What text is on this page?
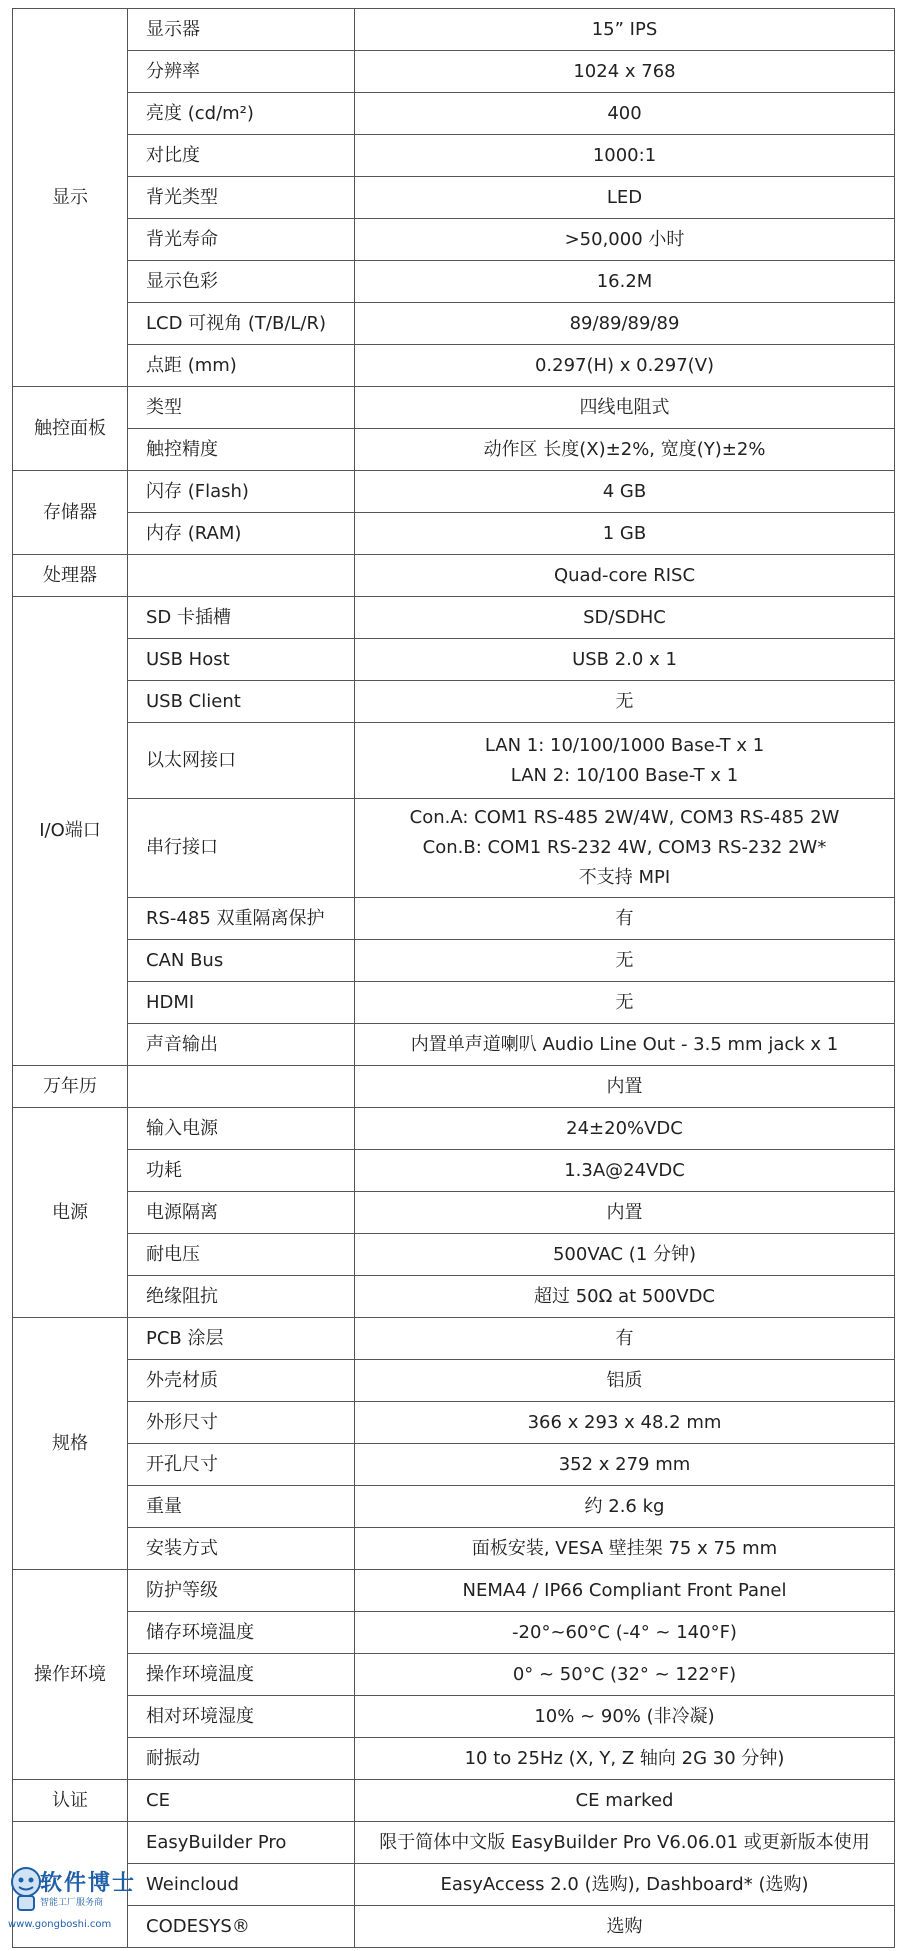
显示	显示器	15” IPS

	分辨率	1024 x 768

	亮度 (cd/m²)	400

	对比度	1000:1

	背光类型	LED

	背光寿命	>50,000 小时

	显示色彩	16.2M

	LCD 可视角 (T/B/L/R)	89/89/89/89

	点距 (mm)	0.297(H) x 0.297(V)

触控面板	类型	四线电阻式

	触控精度	动作区 长度(X)±2%, 宽度(Y)±2%

存储器	闪存 (Flash)	4 GB

	内存 (RAM)	1 GB

处理器		Quad-core RISC

I/O端口	SD 卡插槽	SD/SDHC

	USB Host	USB 2.0 x 1

	USB Client	无

	以太网接口	LAN 1: 10/100/1000 Base-T x 1
LAN 2: 10/100 Base-T x 1

	串行接口	Con.A: COM1 RS-485 2W/4W, COM3 RS-485 2W
Con.B: COM1 RS-232 4W, COM3 RS-232 2W*
不支持 MPI

	RS-485 双重隔离保护	有

	CAN Bus	无

	HDMI	无

	声音输出	内置单声道喇叭 Audio Line Out - 3.5 mm jack x 1

万年历		内置

电源	输入电源	24±20%VDC

	功耗	1.3A@24VDC

	电源隔离	内置

	耐电压	500VAC (1 分钟)

	绝缘阻抗	超过 50Ω at 500VDC

规格	PCB 涂层	有

	外壳材质	铝质

	外形尺寸	366 x 293 x 48.2 mm

	开孔尺寸	352 x 279 mm

	重量	约 2.6 kg

	安装方式	面板安装, VESA 壁挂架 75 x 75 mm

操作环境	防护等级	NEMA4 / IP66 Compliant Front Panel

	储存环境温度	-20°~60°C (-4° ~ 140°F)

	操作环境温度	0° ~ 50°C (32° ~ 122°F)

	相对环境湿度	10% ~ 90% (非冷凝)

	耐振动	10 to 25Hz (X, Y, Z 轴向 2G 30 分钟)

认证	CE	CE marked

	EasyBuilder Pro	限于简体中文版 EasyBuilder Pro V6.06.01 或更新版本使用

	Weincloud	EasyAccess 2.0 (选购), Dashboard* (选购)

	CODESYS®	选购
软件博士
智能工厂服务商
www.gongboshi.com
